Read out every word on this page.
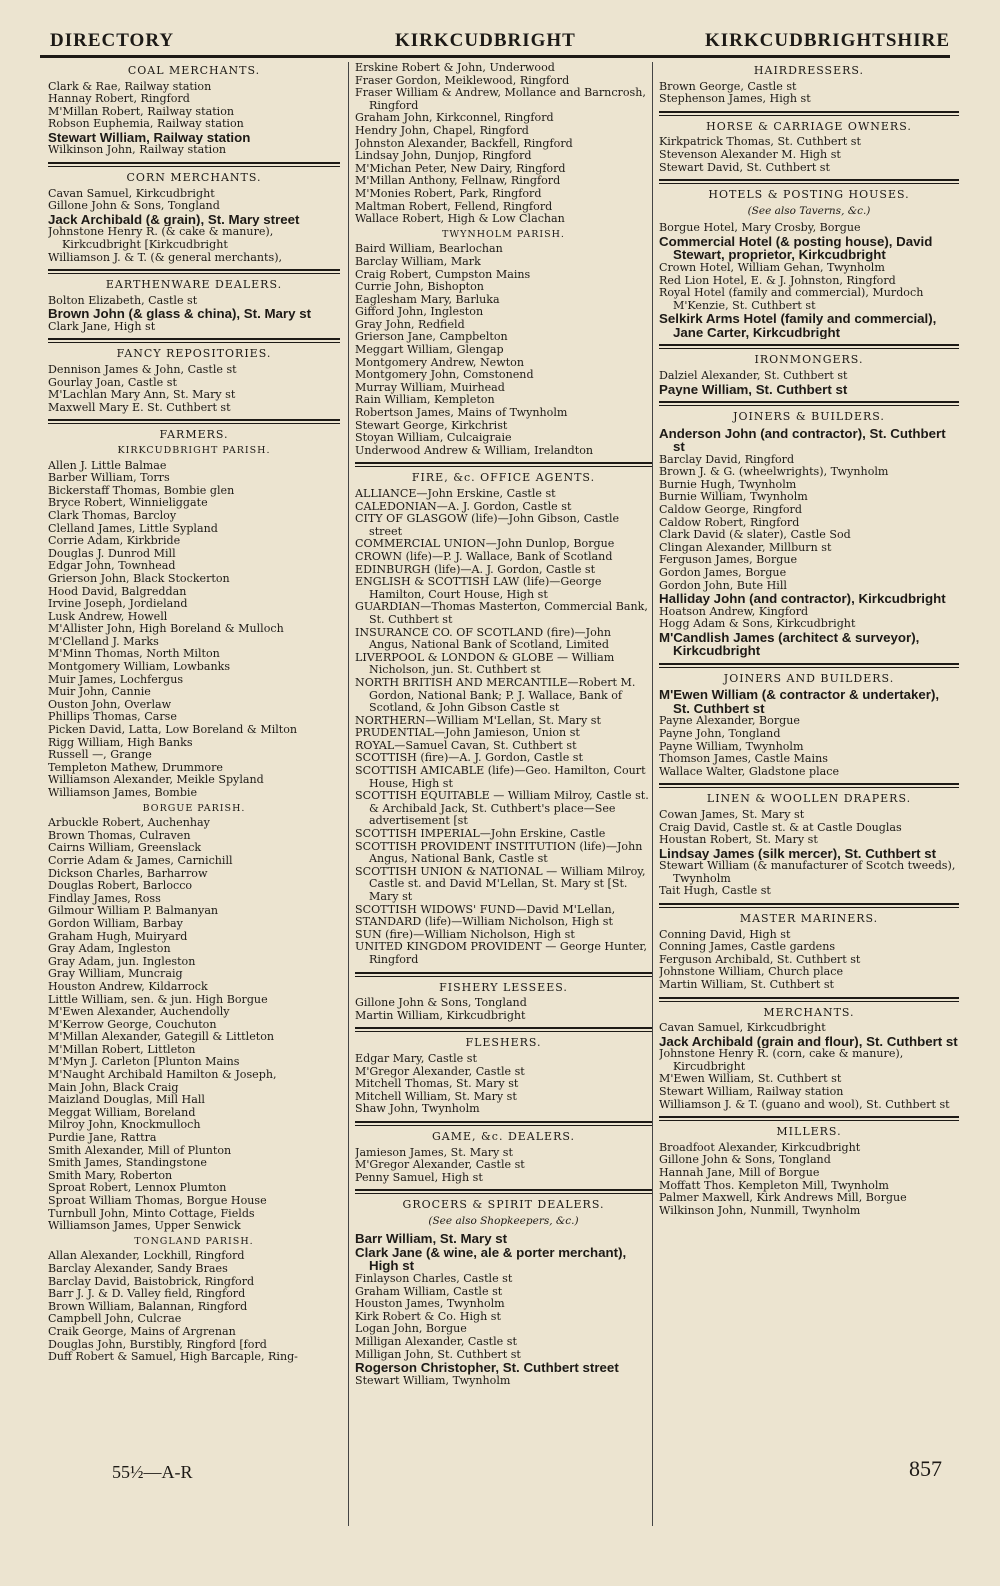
DIRECTORY	KIRKCUDBRIGHT	KIRKCUDBRIGHTSHIRE
COAL MERCHANTS.
Clark & Rae, Railway station
Hannay Robert, Ringford
M'Millan Robert, Railway station
Robson Euphemia, Railway station
Stewart William, Railway station
Wilkinson John, Railway station
CORN MERCHANTS.
Cavan Samuel, Kirkcudbright
Gillone John & Sons, Tongland
Jack Archibald (& grain), St. Mary street
Johnstone Henry R. (& cake & manure), Kirkcudbright [Kirkcudbright
Williamson J. & T. (& general merchants),
EARTHENWARE DEALERS.
Bolton Elizabeth, Castle st
Brown John (& glass & china), St. Mary st
Clark Jane, High st
FANCY REPOSITORIES.
Dennison James & John, Castle st
Gourlay Joan, Castle st
M'Lachlan Mary Ann, St. Mary st
Maxwell Mary E. St. Cuthbert st
FARMERS.
KIRKCUDBRIGHT PARISH.
Allen J. Little Balmae
Barber William, Torrs
Bickerstaff Thomas, Bombie glen
Bryce Robert, Winnieliggate
Clark Thomas, Barcloy
Clelland James, Little Sypland
Corrie Adam, Kirkbride
Douglas J. Dunrod Mill
Edgar John, Townhead
Grierson John, Black Stockerton
Hood David, Balgreddan
Irvine Joseph, Jordieland
Lusk Andrew, Howell
M'Allister John, High Boreland & Mulloch
M'Clelland J. Marks
M'Minn Thomas, North Milton
Montgomery William, Lowbanks
Muir James, Lochfergus
Muir John, Cannie
Ouston John, Overlaw
Phillips Thomas, Carse
Picken David, Latta, Low Boreland & Milton
Rigg William, High Banks
Russell —, Grange
Templeton Mathew, Drummore
Williamson Alexander, Meikle Spyland
Williamson James, Bombie
BORGUE PARISH.
Arbuckle Robert, Auchenhay
Brown Thomas, Culraven
Cairns William, Greenslack
Corrie Adam & James, Carnichill
Dickson Charles, Barharrow
Douglas Robert, Barlocco
Findlay James, Ross
Gilmour William P. Balmanyan
Gordon William, Barbay
Graham Hugh, Muiryard
Gray Adam, Ingleston
Gray Adam, jun. Ingleston
Gray William, Muncraig
Houston Andrew, Kildarrock
Little William, sen. & jun. High Borgue
M'Ewen Alexander, Auchendolly
M'Kerrow George, Couchuton
M'Millan Alexander, Gategill & Littleton
M'Millan Robert, Littleton
M'Myn J. Carleton [Plunton Mains
M'Naught Archibald Hamilton & Joseph,
Main John, Black Craig
Maizland Douglas, Mill Hall
Meggat William, Boreland
Milroy John, Knockmulloch
Purdie Jane, Rattra
Smith Alexander, Mill of Plunton
Smith James, Standingstone
Smith Mary, Roberton
Sproat Robert, Lennox Plumton
Sproat William Thomas, Borgue House
Turnbull John, Minto Cottage, Fields
Williamson James, Upper Senwick
TONGLAND PARISH.
Allan Alexander, Lockhill, Ringford
Barclay Alexander, Sandy Braes
Barclay David, Baistobrick, Ringford
Barr J. J. & D. Valley field, Ringford
Brown William, Balannan, Ringford
Campbell John, Culcrae
Craik George, Mains of Argrenan
Douglas John, Burstibly, Ringford [ford
Duff Robert & Samuel, High Barcaple, Ring-
Erskine Robert & John, Underwood
Fraser Gordon, Meiklewood, Ringford
Fraser William & Andrew, Mollance and Barncrosh, Ringford
Graham John, Kirkconnel, Ringford
Hendry John, Chapel, Ringford
Johnston Alexander, Backfell, Ringford
Lindsay John, Dunjop, Ringford
M'Michan Peter, New Dairy, Ringford
M'Millan Anthony, Fellnaw, Ringford
M'Monies Robert, Park, Ringford
Maltman Robert, Fellend, Ringford
Wallace Robert, High & Low Clachan
TWYNHOLM PARISH.
Baird William, Bearlochan
Barclay William, Mark
Craig Robert, Cumpston Mains
Currie John, Bishopton
Eaglesham Mary, Barluka
Gifford John, Ingleston
Gray John, Redfield
Grierson Jane, Campbelton
Meggart William, Glengap
Montgomery Andrew, Newton
Montgomery John, Comstonend
Murray William, Muirhead
Rain William, Kempleton
Robertson James, Mains of Twynholm
Stewart George, Kirkchrist
Stoyan William, Culcaigraie
Underwood Andrew & William, Irelandton
FIRE, &c. OFFICE AGENTS.
ALLIANCE—John Erskine, Castle st
CALEDONIAN—A. J. Gordon, Castle st
CITY OF GLASGOW (life)—John Gibson, Castle street
COMMERCIAL UNION—John Dunlop, Borgue
CROWN (life)—P. J. Wallace, Bank of Scotland
EDINBURGH (life)—A. J. Gordon, Castle st
ENGLISH & SCOTTISH LAW (life)—George Hamilton, Court House, High st
GUARDIAN—Thomas Masterton, Commercial Bank, St. Cuthbert st
INSURANCE CO. OF SCOTLAND (fire)—John Angus, National Bank of Scotland, Limited
LIVERPOOL & LONDON & GLOBE — William Nicholson, jun. St. Cuthbert st
NORTH BRITISH AND MERCANTILE—Robert M. Gordon, National Bank; P. J. Wallace, Bank of Scotland, & John Gibson Castle st
NORTHERN—William M'Lellan, St. Mary st
PRUDENTIAL—John Jamieson, Union st
ROYAL—Samuel Cavan, St. Cuthbert st
SCOTTISH (fire)—A. J. Gordon, Castle st
SCOTTISH AMICABLE (life)—Geo. Hamilton, Court House, High st
SCOTTISH EQUITABLE — William Milroy, Castle st. & Archibald Jack, St. Cuthbert's place—See advertisement [st
SCOTTISH IMPERIAL—John Erskine, Castle
SCOTTISH PROVIDENT INSTITUTION (life)—John Angus, National Bank, Castle st
SCOTTISH UNION & NATIONAL — William Milroy, Castle st. and David M'Lellan, St. Mary st [St. Mary st
SCOTTISH WIDOWS' FUND—David M'Lellan,
STANDARD (life)—William Nicholson, High st
SUN (fire)—William Nicholson, High st
UNITED KINGDOM PROVIDENT — George Hunter, Ringford
FISHERY LESSEES.
Gillone John & Sons, Tongland
Martin William, Kirkcudbright
FLESHERS.
Edgar Mary, Castle st
M'Gregor Alexander, Castle st
Mitchell Thomas, St. Mary st
Mitchell William, St. Mary st
Shaw John, Twynholm
GAME, &c. DEALERS.
Jamieson James, St. Mary st
M'Gregor Alexander, Castle st
Penny Samuel, High st
GROCERS & SPIRIT DEALERS.
(See also Shopkeepers, &c.)
Barr William, St. Mary st
Clark Jane (& wine, ale & porter merchant), High st
Finlayson Charles, Castle st
Graham William, Castle st
Houston James, Twynholm
Kirk Robert & Co. High st
Logan John, Borgue
Milligan Alexander, Castle st
Milligan John, St. Cuthbert st
Rogerson Christopher, St. Cuthbert street
Stewart William, Twynholm
HAIRDRESSERS.
Brown George, Castle st
Stephenson James, High st
HORSE & CARRIAGE OWNERS.
Kirkpatrick Thomas, St. Cuthbert st
Stevenson Alexander M. High st
Stewart David, St. Cuthbert st
HOTELS & POSTING HOUSES.
(See also Taverns, &c.)
Borgue Hotel, Mary Crosby, Borgue
Commercial Hotel (& posting house), David Stewart, proprietor, Kirkcudbright
Crown Hotel, William Gehan, Twynholm
Red Lion Hotel, E. & J. Johnston, Ringford
Royal Hotel (family and commercial), Murdoch M'Kenzie, St. Cuthbert st
Selkirk Arms Hotel (family and commercial), Jane Carter, Kirkcudbright
IRONMONGERS.
Dalziel Alexander, St. Cuthbert st
Payne William, St. Cuthbert st
JOINERS & BUILDERS.
Anderson John (and contractor), St. Cuthbert st
Barclay David, Ringford
Brown J. & G. (wheelwrights), Twynholm
Burnie Hugh, Twynholm
Burnie William, Twynholm
Caldow George, Ringford
Caldow Robert, Ringford
Clark David (& slater), Castle Sod
Clingan Alexander, Millburn st
Ferguson James, Borgue
Gordon James, Borgue
Gordon John, Bute Hill
Halliday John (and contractor), Kirkcudbright
Hoatson Andrew, Kingford
Hogg Adam & Sons, Kirkcudbright
M'Candlish James (architect & surveyor), Kirkcudbright
JOINERS AND BUILDERS.
M'Ewen William (& contractor & undertaker), St. Cuthbert st
Payne Alexander, Borgue
Payne John, Tongland
Payne William, Twynholm
Thomson James, Castle Mains
Wallace Walter, Gladstone place
LINEN & WOOLLEN DRAPERS.
Cowan James, St. Mary st
Craig David, Castle st. & at Castle Douglas
Houstan Robert, St. Mary st
Lindsay James (silk mercer), St. Cuthbert st
Stewart William (& manufacturer of Scotch tweeds), Twynholm
Tait Hugh, Castle st
MASTER MARINERS.
Conning David, High st
Conning James, Castle gardens
Ferguson Archibald, St. Cuthbert st
Johnstone William, Church place
Martin William, St. Cuthbert st
MERCHANTS.
Cavan Samuel, Kirkcudbright
Jack Archibald (grain and flour), St. Cuthbert st
Johnstone Henry R. (corn, cake & manure), Kircudbright
M'Ewen William, St. Cuthbert st
Stewart William, Railway station
Williamson J. & T. (guano and wool), St. Cuthbert st
MILLERS.
Broadfoot Alexander, Kirkcudbright
Gillone John & Sons, Tongland
Hannah Jane, Mill of Borgue
Moffatt Thos. Kempleton Mill, Twynholm
Palmer Maxwell, Kirk Andrews Mill, Borgue
Wilkinson John, Nunmill, Twynholm
55½—A-R	857
